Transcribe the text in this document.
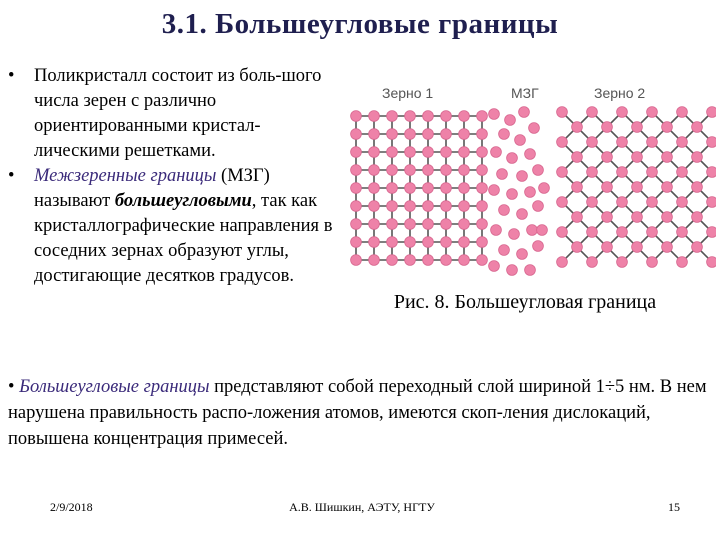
3.1. Большеугловые границы
• Поликристалл состоит из боль-шого числа зерен с различно ориентированными кристал-лическими решетками.
• Межзеренные границы (МЗГ) называют большеугловыми, так как кристаллографические направления в соседних зернах образуют углы, достигающие десятков градусов.
Зерно 1	МЗГ	Зерно 2
Рис. 8. Большеугловая граница
• Большеугловые границы представляют собой переходный слой шириной 1÷5 нм. В нем нарушена правильность распо-ложения атомов, имеются скоп-ления дислокаций, повышена концентрация примесей.
2/9/2018	А.В. Шишкин, АЭТУ, НГТУ	15
